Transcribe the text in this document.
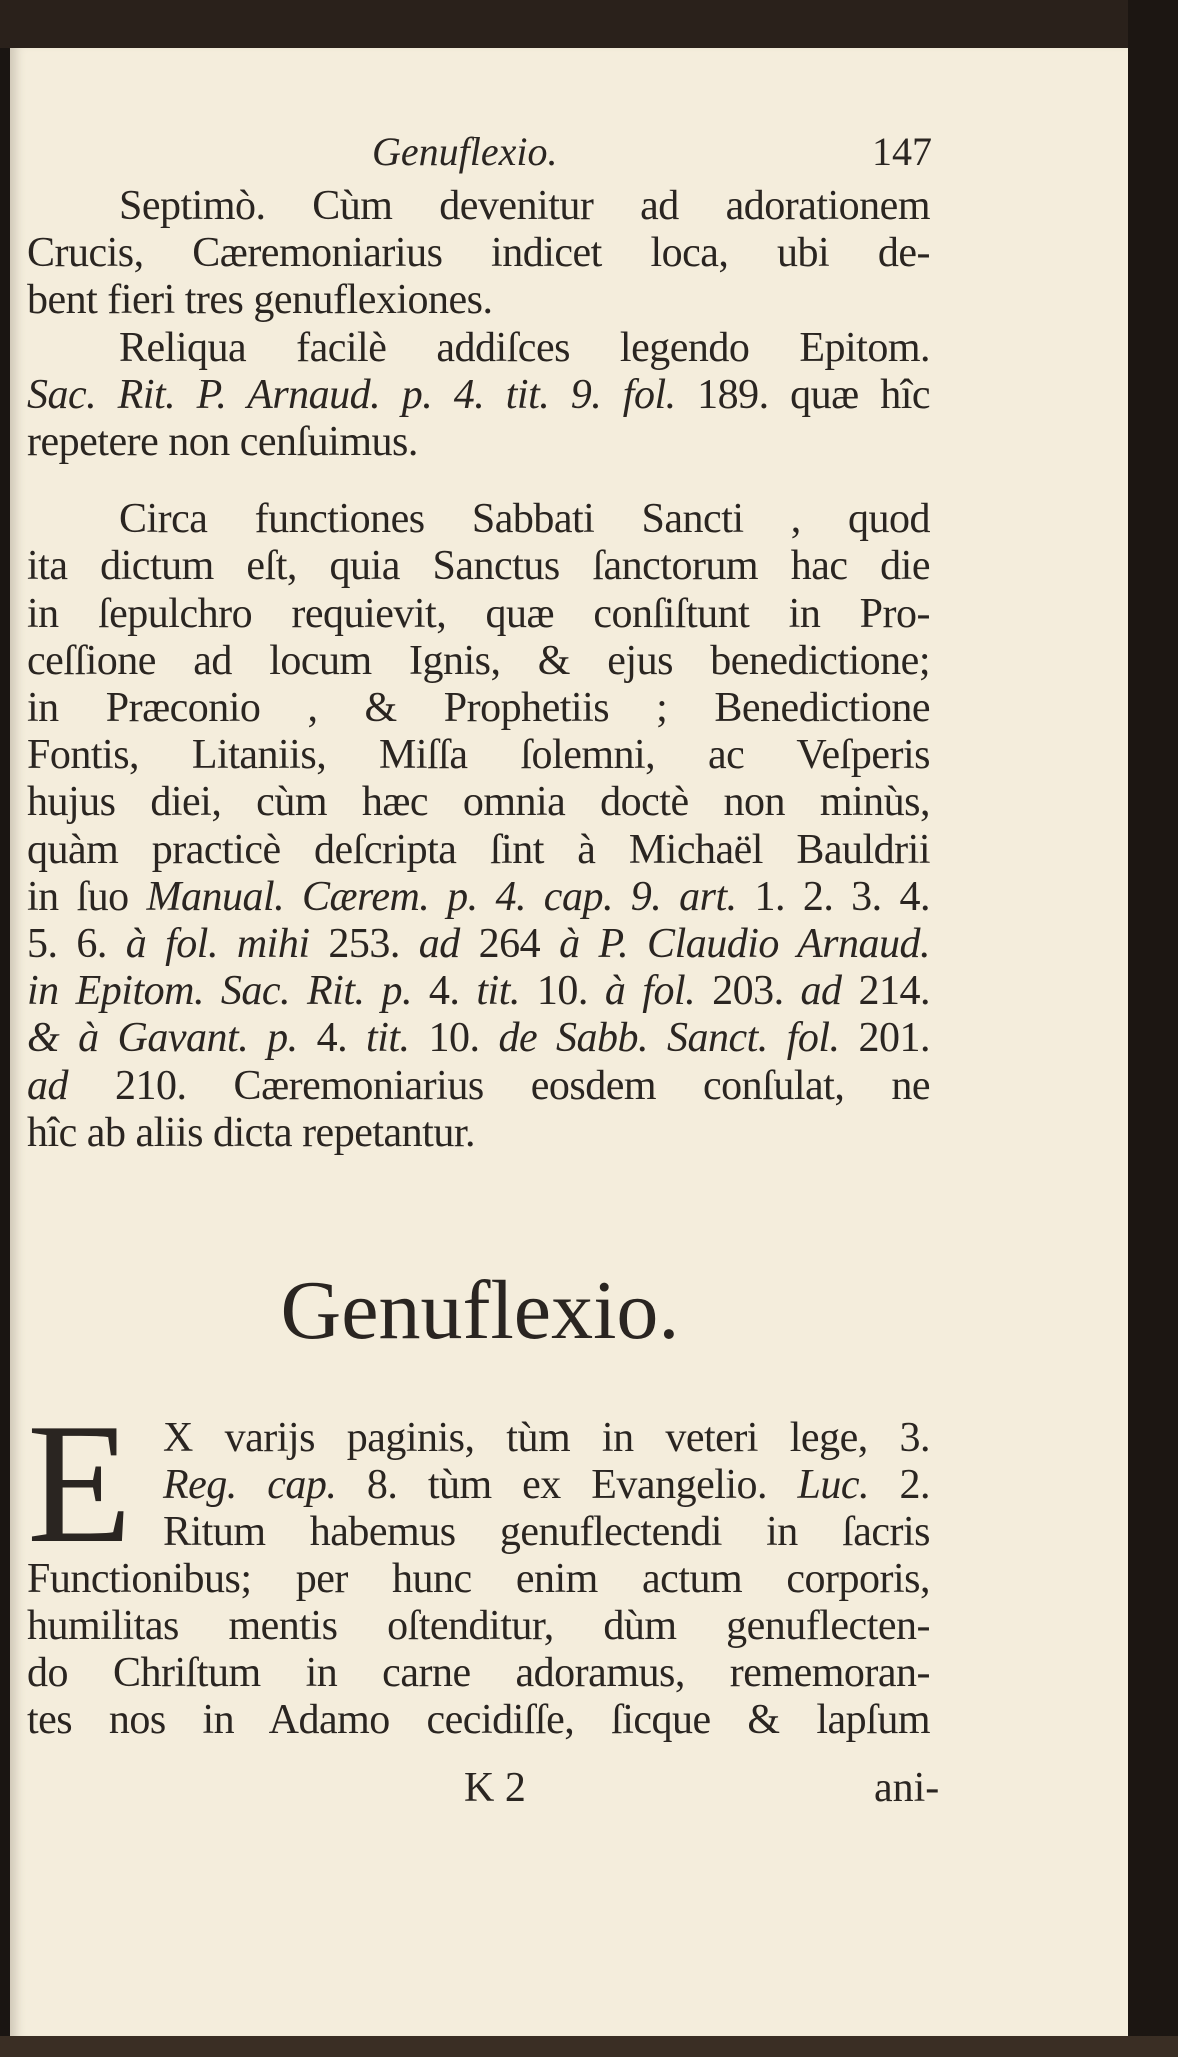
Genuflexio.	147
Septimò. Cùm devenitur ad adorationem
Crucis, Cæremoniarius indicet loca, ubi de-
bent fieri tres genuflexiones.
Reliqua facilè addiſces legendo Epitom.
Sac. Rit. P. Arnaud. p. 4. tit. 9. fol. 189. quæ hîc
repetere non cenſuimus.
Circa functiones Sabbati Sancti , quod
ita dictum eſt, quia Sanctus ſanctorum hac die
in ſepulchro requievit, quæ conſiſtunt in Pro-
ceſſione ad locum Ignis, & ejus benedictione;
in Præconio , & Prophetiis ; Benedictione
Fontis, Litaniis, Miſſa ſolemni, ac Veſperis
hujus diei, cùm hæc omnia doctè non minùs,
quàm practicè deſcripta ſint à Michaël Bauldrii
in ſuo Manual. Cærem. p. 4. cap. 9. art. 1. 2. 3. 4.
5. 6. à fol. mihi 253. ad 264 à P. Claudio Arnaud.
in Epitom. Sac. Rit. p. 4. tit. 10. à fol. 203. ad 214.
& à Gavant. p. 4. tit. 10. de Sabb. Sanct. fol. 201.
ad 210. Cæremoniarius eosdem conſulat, ne
hîc ab aliis dicta repetantur.
Genuflexio.
E X varijs paginis, tùm in veteri lege, 3.
Reg. cap. 8. tùm ex Evangelio. Luc. 2.
Ritum habemus genuflectendi in ſacris
Functionibus; per hunc enim actum corporis,
humilitas mentis oſtenditur, dùm genuflecten-
do Chriſtum in carne adoramus, rememoran-
tes nos in Adamo cecidiſſe, ſicque & lapſum
K 2	ani-
